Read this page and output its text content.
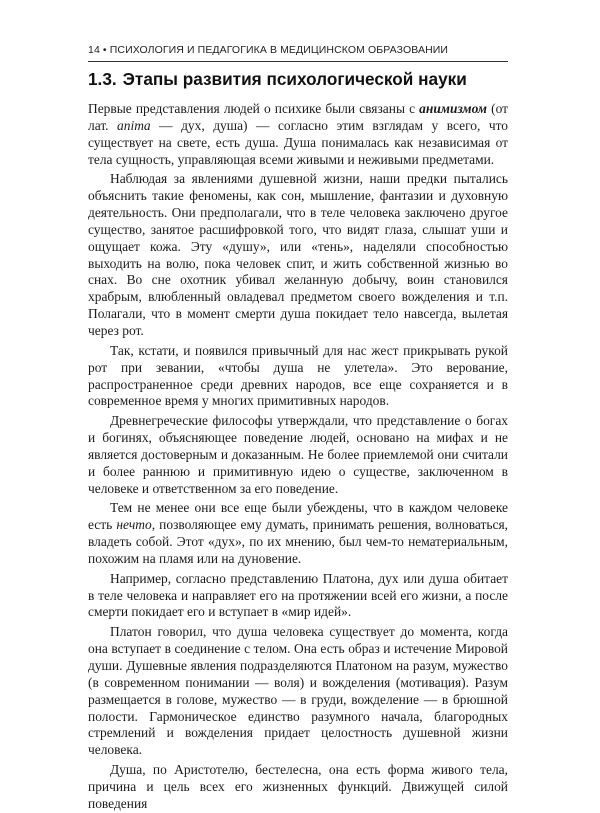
14 • ПСИХОЛОГИЯ И ПЕДАГОГИКА В МЕДИЦИНСКОМ ОБРАЗОВАНИИ
1.3. Этапы развития психологической науки

Первые представления людей о психике были связаны с анимизмом (от лат. anima — дух, душа) — согласно этим взглядам у всего, что существует на свете, есть душа. Душа понималась как независимая от тела сущность, управляющая всеми живыми и неживыми предметами.

Наблюдая за явлениями душевной жизни, наши предки пытались объяснить такие феномены, как сон, мышление, фантазии и духовную деятельность. Они предполагали, что в теле человека заключено другое существо, занятое расшифровкой того, что видят глаза, слышат уши и ощущает кожа. Эту «душу», или «тень», наделяли способностью выходить на волю, пока человек спит, и жить собственной жизнью во снах. Во сне охотник убивал желанную добычу, воин становился храбрым, влюбленный овладевал предметом своего вожделения и т.п. Полагали, что в момент смерти душа покидает тело навсегда, вылетая через рот.

Так, кстати, и появился привычный для нас жест прикрывать рукой рот при зевании, «чтобы душа не улетела». Это верование, распространенное среди древних народов, все еще сохраняется и в современное время у многих примитивных народов.

Древнегреческие философы утверждали, что представление о богах и богинях, объясняющее поведение людей, основано на мифах и не является достоверным и доказанным. Не более приемлемой они считали и более раннюю и примитивную идею о существе, заключенном в человеке и ответственном за его поведение.

Тем не менее они все еще были убеждены, что в каждом человеке есть нечто, позволяющее ему думать, принимать решения, волноваться, владеть собой. Этот «дух», по их мнению, был чем-то нематериальным, похожим на пламя или на дуновение.

Например, согласно представлению Платона, дух или душа обитает в теле человека и направляет его на протяжении всей его жизни, а после смерти покидает его и вступает в «мир идей».

Платон говорил, что душа человека существует до момента, когда она вступает в соединение с телом. Она есть образ и истечение Мировой души. Душевные явления подразделяются Платоном на разум, мужество (в современном понимании — воля) и вожделения (мотивация). Разум размещается в голове, мужество — в груди, вожделение — в брюшной полости. Гармоническое единство разумного начала, благородных стремлений и вожделения придает целостность душевной жизни человека.

Душа, по Аристотелю, бестелесна, она есть форма живого тела, причина и цель всех его жизненных функций. Движущей силой поведения
